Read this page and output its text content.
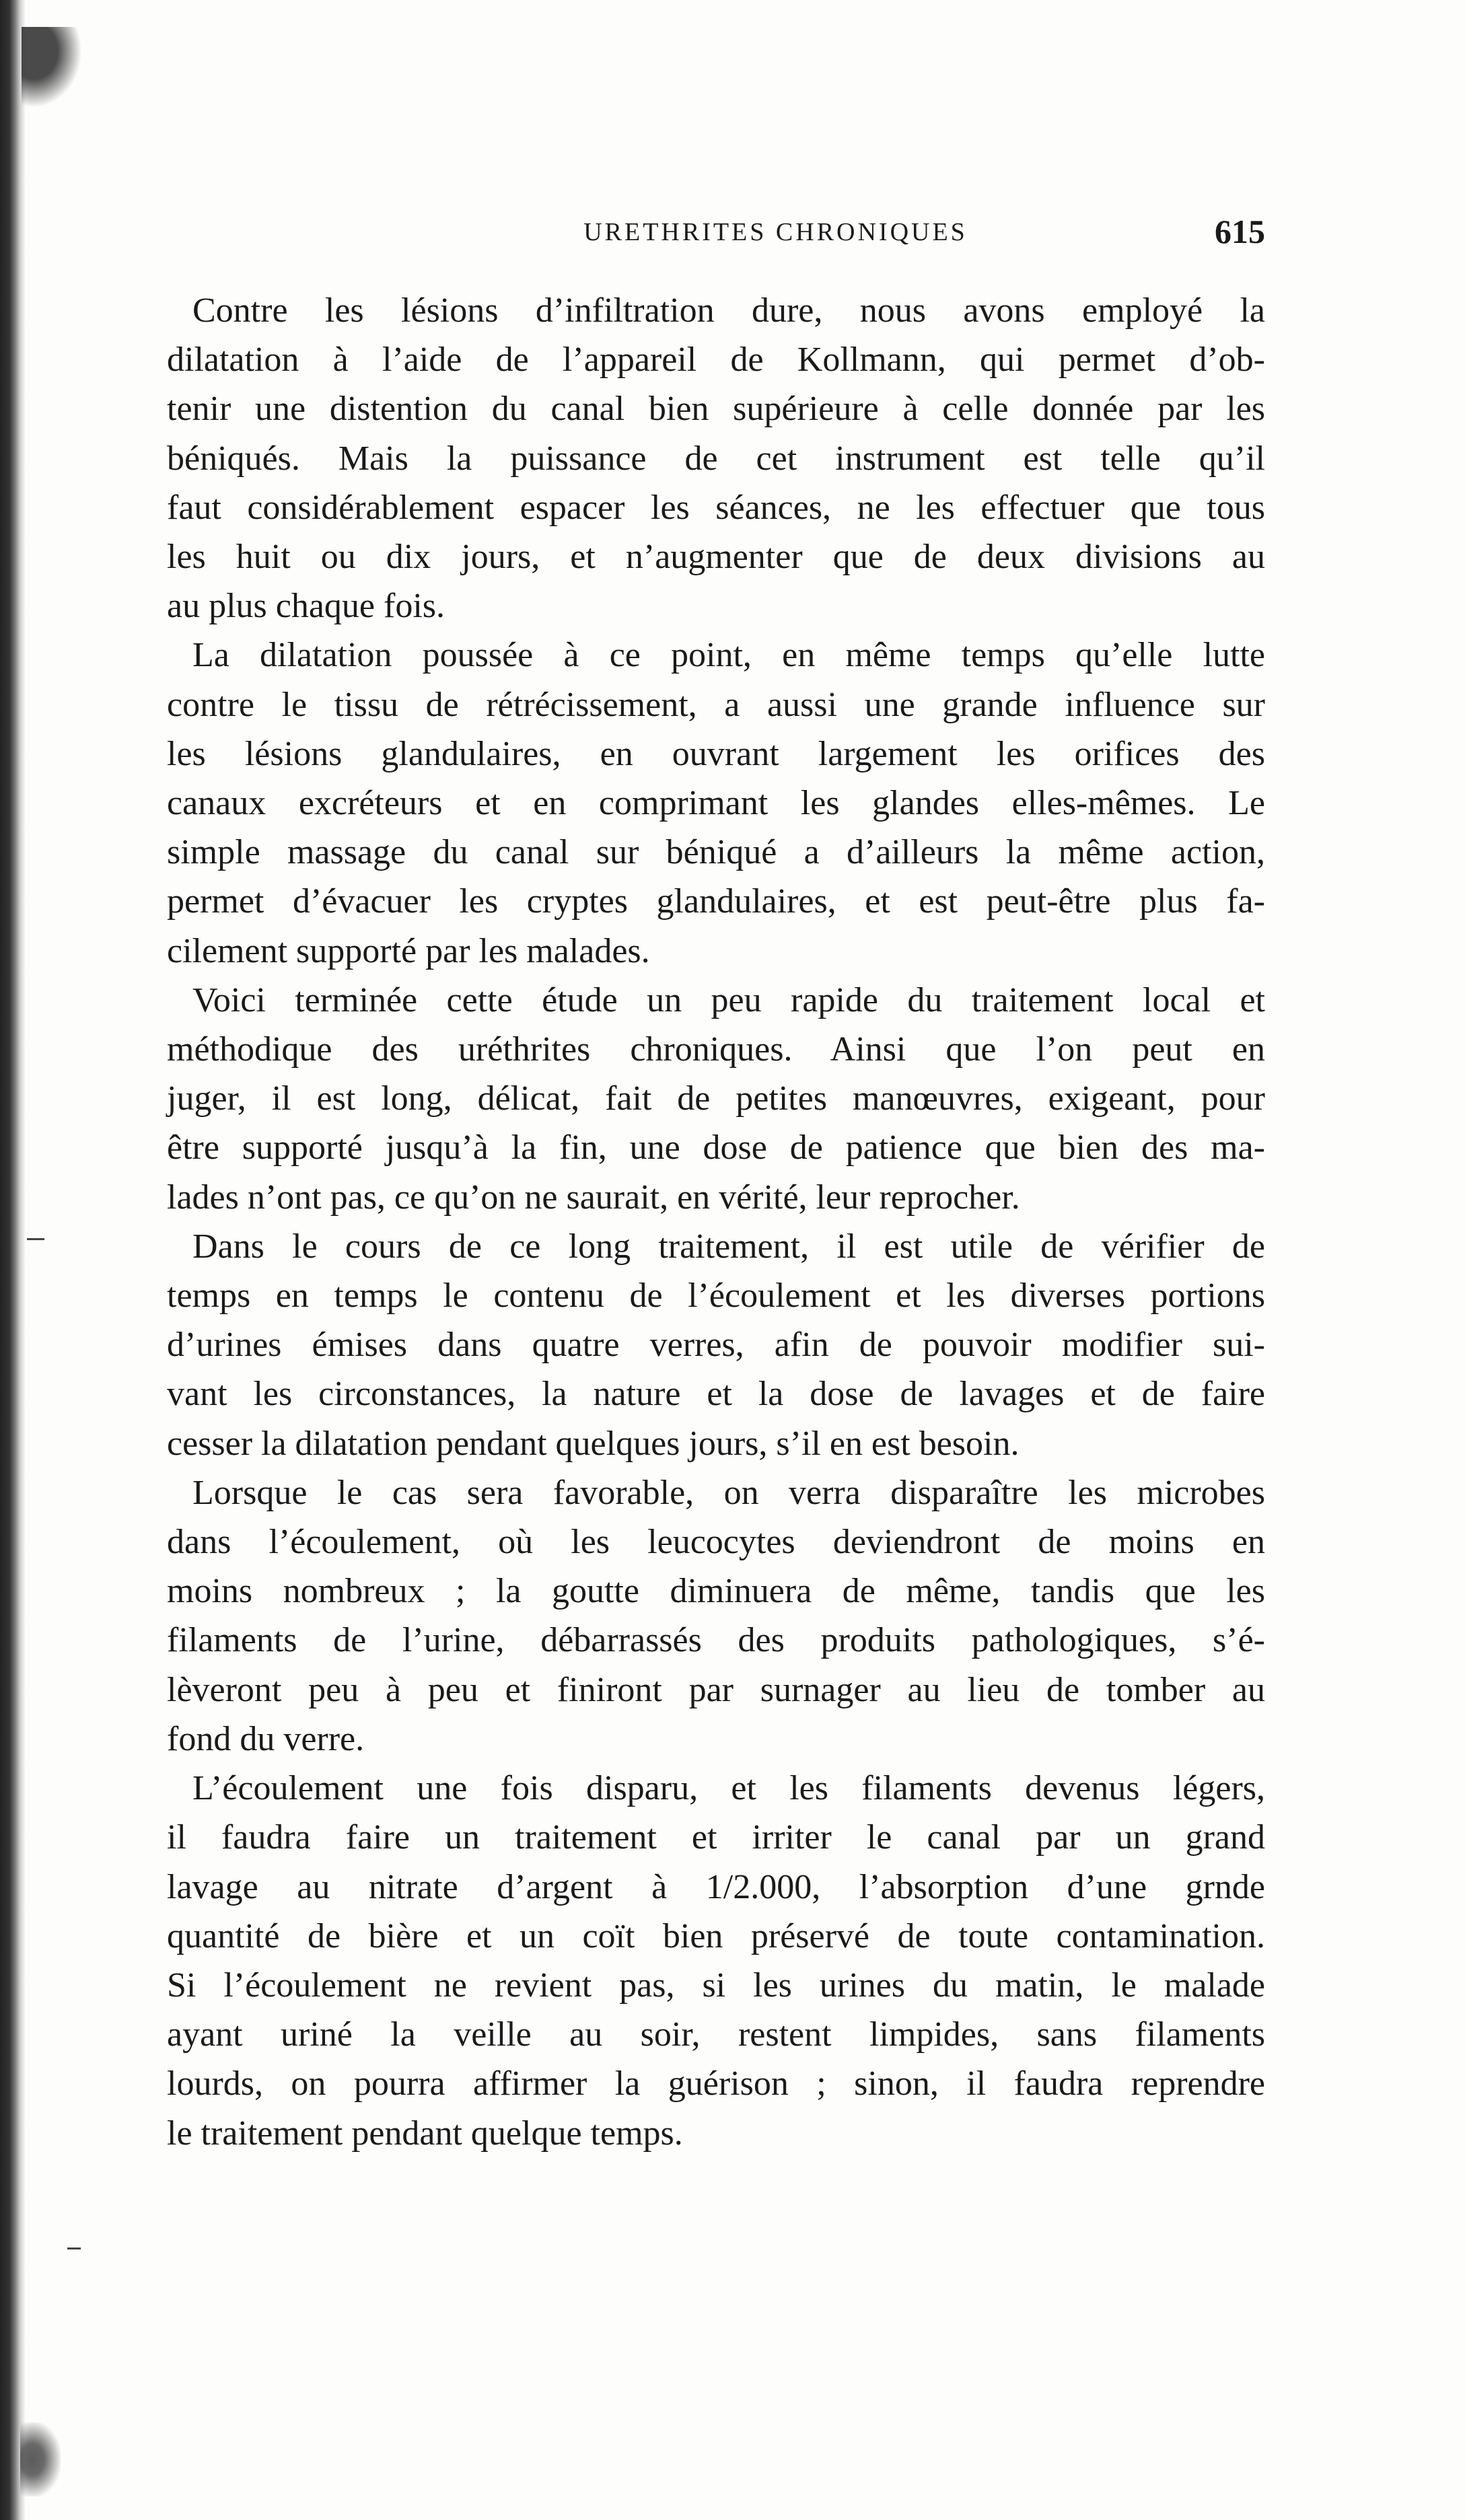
URETHRITES CHRONIQUES	615
Contre les lésions d’infiltration dure, nous avons employé la
dilatation à l’aide de l’appareil de Kollmann, qui permet d’ob-
tenir une distention du canal bien supérieure à celle donnée par les
béniqués. Mais la puissance de cet instrument est telle qu’il
faut considérablement espacer les séances, ne les effectuer que tous
les huit ou dix jours, et n’augmenter que de deux divisions au
au plus chaque fois.
La dilatation poussée à ce point, en même temps qu’elle lutte
contre le tissu de rétrécissement, a aussi une grande influence sur
les lésions glandulaires, en ouvrant largement les orifices des
canaux excréteurs et en comprimant les glandes elles-mêmes. Le
simple massage du canal sur béniqué a d’ailleurs la même action,
permet d’évacuer les cryptes glandulaires, et est peut-être plus fa-
cilement supporté par les malades.
Voici terminée cette étude un peu rapide du traitement local et
méthodique des uréthrites chroniques. Ainsi que l’on peut en
juger, il est long, délicat, fait de petites manœuvres, exigeant, pour
être supporté jusqu’à la fin, une dose de patience que bien des ma-
lades n’ont pas, ce qu’on ne saurait, en vérité, leur reprocher.
Dans le cours de ce long traitement, il est utile de vérifier de
temps en temps le contenu de l’écoulement et les diverses portions
d’urines émises dans quatre verres, afin de pouvoir modifier sui-
vant les circonstances, la nature et la dose de lavages et de faire
cesser la dilatation pendant quelques jours, s’il en est besoin.
Lorsque le cas sera favorable, on verra disparaître les microbes
dans l’écoulement, où les leucocytes deviendront de moins en
moins nombreux ; la goutte diminuera de même, tandis que les
filaments de l’urine, débarrassés des produits pathologiques, s’é-
lèveront peu à peu et finiront par surnager au lieu de tomber au
fond du verre.
L’écoulement une fois disparu, et les filaments devenus légers,
il faudra faire un traitement et irriter le canal par un grand
lavage au nitrate d’argent à 1/2.000, l’absorption d’une grnde
quantité de bière et un coït bien préservé de toute contamination.
Si l’écoulement ne revient pas, si les urines du matin, le malade
ayant uriné la veille au soir, restent limpides, sans filaments
lourds, on pourra affirmer la guérison ; sinon, il faudra reprendre
le traitement pendant quelque temps.
